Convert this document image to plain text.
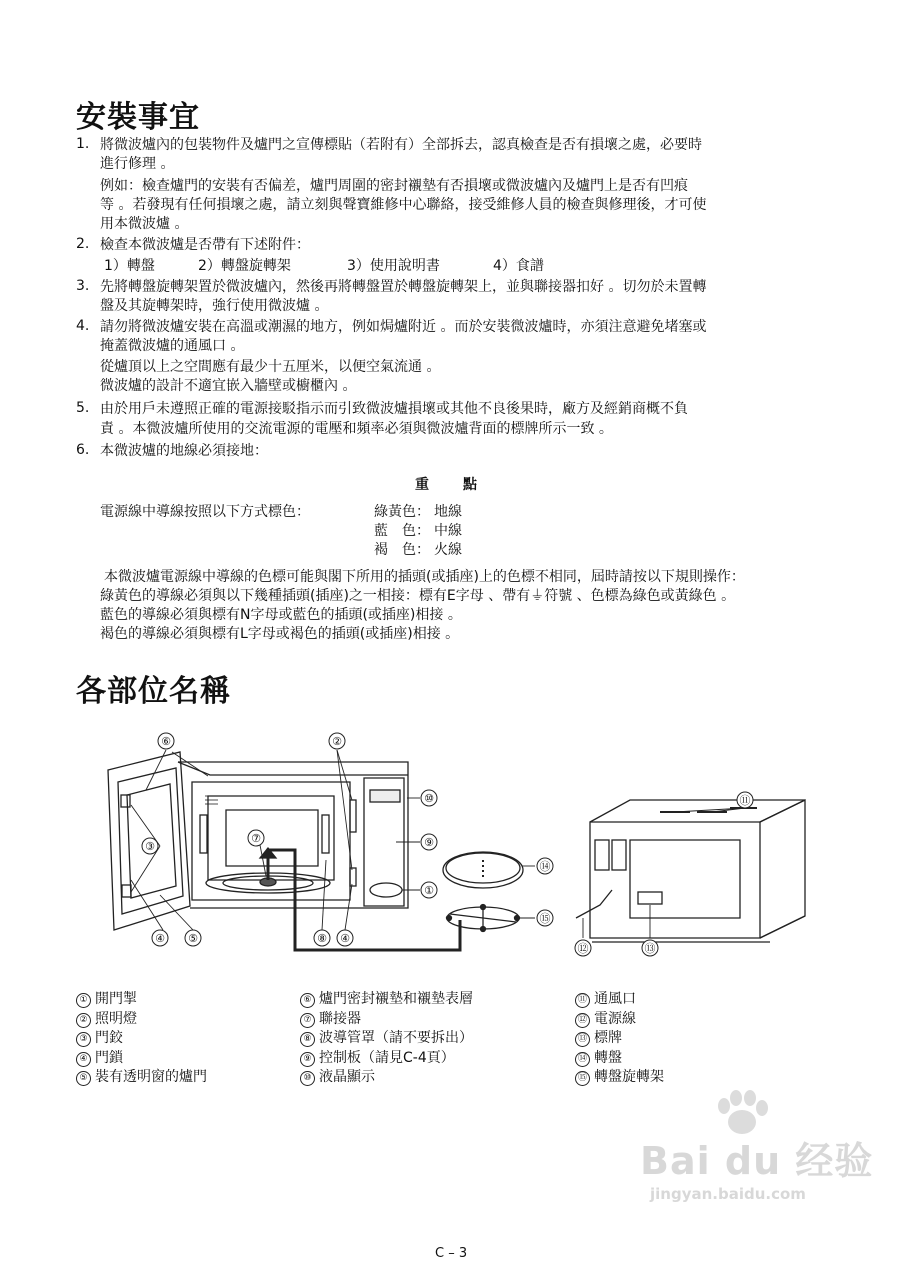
安裝事宜
1. 將微波爐內的包裝物件及爐門之宣傳標貼（若附有）全部拆去，認真檢查是否有損壞之處，必要時
進行修理 。
例如：檢查爐門的安裝有否偏差，爐門周圍的密封襯墊有否損壞或微波爐內及爐門上是否有凹痕
等 。若發現有任何損壞之處，請立刻與聲寶維修中心聯絡，接受維修人員的檢查與修理後，才可使
用本微波爐 。
2. 檢查本微波爐是否帶有下述附件：
1）轉盤	2）轉盤旋轉架	3）使用說明書	4）食譜
3. 先將轉盤旋轉架置於微波爐內，然後再將轉盤置於轉盤旋轉架上，並與聯接器扣好 。切勿於未置轉
盤及其旋轉架時，強行使用微波爐 。
4. 請勿將微波爐安裝在高溫或潮濕的地方，例如焗爐附近 。而於安裝微波爐時，亦須注意避免堵塞或
掩蓋微波爐的通風口 。
從爐頂以上之空間應有最少十五厘米，以便空氣流通 。
微波爐的設計不適宜嵌入牆壁或櫥櫃內 。
5. 由於用戶未遵照正確的電源接駁指示而引致微波爐損壞或其他不良後果時，廠方及經銷商概不負
責 。本微波爐所使用的交流電源的電壓和頻率必須與微波爐背面的標牌所示一致 。
6. 本微波爐的地線必須接地：
重　　點
電源線中導線按照以下方式標色：	綠黃色： 地線
藍　色： 中線
褐　色： 火線
本微波爐電源線中導線的色標可能與閣下所用的插頭(或插座)上的色標不相同，屆時請按以下規則操作：
綠黃色的導線必須與以下幾種插頭(插座)之一相接：標有E字母 、帶有⏚符號 、色標為綠色或黃綠色 。
藍色的導線必須與標有N字母或藍色的插頭(或插座)相接 。
褐色的導線必須與標有L字母或褐色的插頭(或插座)相接 。
各部位名稱
⑥	②
⑩
⑨
①
③
⑦
④ ⑤	⑧ ④
⑭
⑮
⑪
⑫	⑬
① 開門掣
② 照明燈
③ 門鉸
④ 門鎖
⑤ 裝有透明窗的爐門
⑥ 爐門密封襯墊和襯墊表層
⑦ 聯接器
⑧ 波導管罩（請不要拆出）
⑨ 控制板（請見C-4頁）
⑩ 液晶顯示
⑪ 通風口
⑫ 電源線
⑬ 標牌
⑭ 轉盤
⑮ 轉盤旋轉架
Bai du 经验
jingyan.baidu.com
C – 3
